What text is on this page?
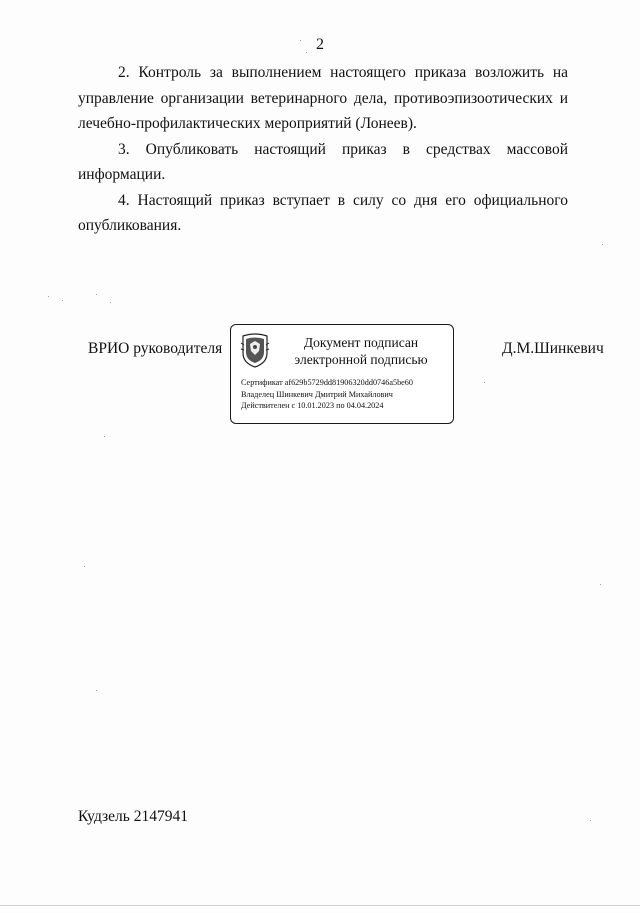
2

2. Контроль за выполнением настоящего приказа возложить на управление организации ветеринарного дела, противоэпизоотических и лечебно-профилактических мероприятий (Лонеев).

3. Опубликовать настоящий приказ в средствах массовой информации.

4. Настоящий приказ вступает в силу со дня его официального опубликования.

ВРИО руководителя	Документ подписан
электронной подписью
Сертификат af629b5729dd81906320dd0746a5be60
Владелец Шинкевич Дмитрий Михайлович
Действителен с 10.01.2023 по 04.04.2024
Д.М.Шинкевич
Кудзель 2147941
